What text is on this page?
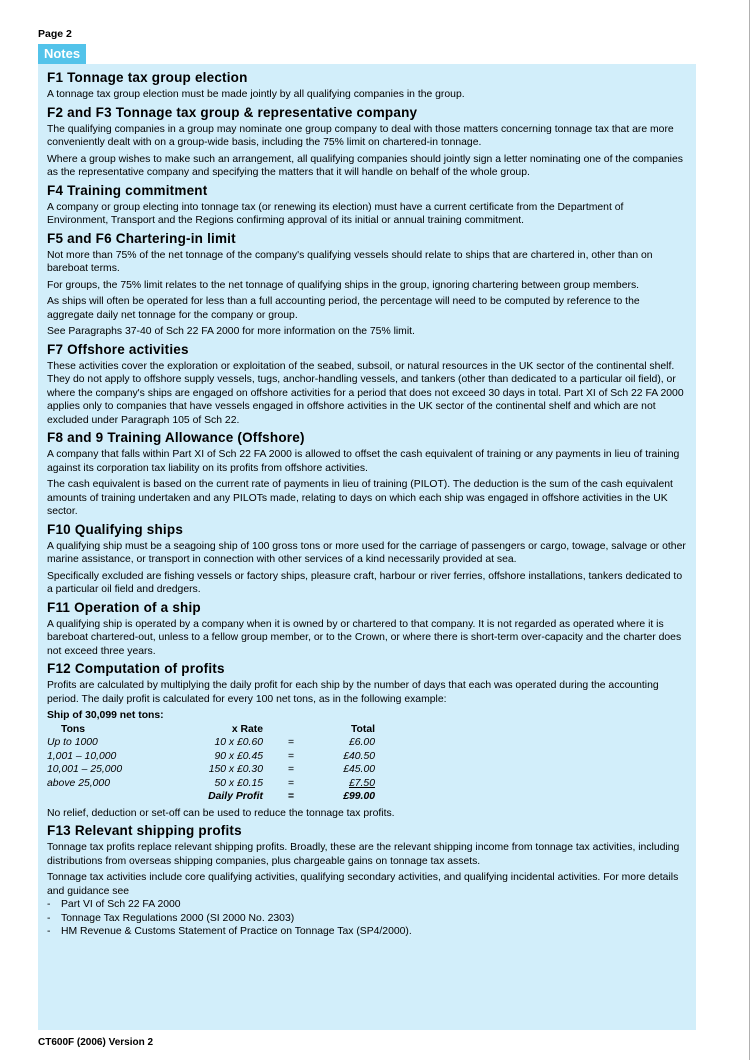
Page 2
Notes
F1 Tonnage tax group election

A tonnage tax group election must be made jointly by all qualifying companies in the group.

F2 and F3 Tonnage tax group & representative company

The qualifying companies in a group may nominate one group company to deal with those matters concerning tonnage tax that are more conveniently dealt with on a group-wide basis, including the 75% limit on chartered-in tonnage.

Where a group wishes to make such an arrangement, all qualifying companies should jointly sign a letter nominating one of the companies as the representative company and specifying the matters that it will handle on behalf of the whole group.

F4 Training commitment

A company or group electing into tonnage tax (or renewing its election) must have a current certificate from the Department of Environment, Transport and the Regions confirming approval of its initial or annual training commitment.

F5 and F6 Chartering-in limit

Not more than 75% of the net tonnage of the company's qualifying vessels should relate to ships that are chartered in, other than on bareboat terms.

For groups, the 75% limit relates to the net tonnage of qualifying ships in the group, ignoring chartering between group members.

As ships will often be operated for less than a full accounting period, the percentage will need to be computed by reference to the aggregate daily net tonnage for the company or group.

See Paragraphs 37-40 of Sch 22 FA 2000 for more information on the 75% limit.

F7 Offshore activities

These activities cover the exploration or exploitation of the seabed, subsoil, or natural resources in the UK sector of the continental shelf. They do not apply to offshore supply vessels, tugs, anchor-handling vessels, and tankers (other than dedicated to a particular oil field), or where the company's ships are engaged on offshore activities for a period that does not exceed 30 days in total. Part XI of Sch 22 FA 2000 applies only to companies that have vessels engaged in offshore activities in the UK sector of the continental shelf and which are not excluded under Paragraph 105 of Sch 22.

F8 and 9 Training Allowance (Offshore)

A company that falls within Part XI of Sch 22 FA 2000 is allowed to offset the cash equivalent of training or any payments in lieu of training against its corporation tax liability on its profits from offshore activities.

The cash equivalent is based on the current rate of payments in lieu of training (PILOT). The deduction is the sum of the cash equivalent amounts of training undertaken and any PILOTs made, relating to days on which each ship was engaged in offshore activities in the UK sector.

F10 Qualifying ships

A qualifying ship must be a seagoing ship of 100 gross tons or more used for the carriage of passengers or cargo, towage, salvage or other marine assistance, or transport in connection with other services of a kind necessarily provided at sea.

Specifically excluded are fishing vessels or factory ships, pleasure craft, harbour or river ferries, offshore installations, tankers dedicated to a particular oil field and dredgers.

F11 Operation of a ship

A qualifying ship is operated by a company when it is owned by or chartered to that company. It is not regarded as operated where it is bareboat chartered-out, unless to a fellow group member, or to the Crown, or where there is short-term over-capacity and the charter does not exceed three years.

F12 Computation of profits

Profits are calculated by multiplying the daily profit for each ship by the number of days that each was operated during the accounting period. The daily profit is calculated for every 100 net tons, as in the following example:

Ship of 30,099 net tons:
Tons	x Rate		Total
Up to 1000	10 x £0.60	=	£6.00
1,001 – 10,000	90 x £0.45	=	£40.50
10,001 – 25,000	150 x £0.30	=	£45.00
above 25,000	50 x £0.15	=	£7.50
	Daily Profit	=	£99.00

No relief, deduction or set-off can be used to reduce the tonnage tax profits.

F13 Relevant shipping profits

Tonnage tax profits replace relevant shipping profits. Broadly, these are the relevant shipping income from tonnage tax activities, including distributions from overseas shipping companies, plus chargeable gains on tonnage tax assets.

Tonnage tax activities include core qualifying activities, qualifying secondary activities, and qualifying incidental activities. For more details and guidance see

- Part VI of Sch 22 FA 2000
- Tonnage Tax Regulations 2000 (SI 2000 No. 2303)
- HM Revenue & Customs Statement of Practice on Tonnage Tax (SP4/2000).
CT600F (2006) Version 2
